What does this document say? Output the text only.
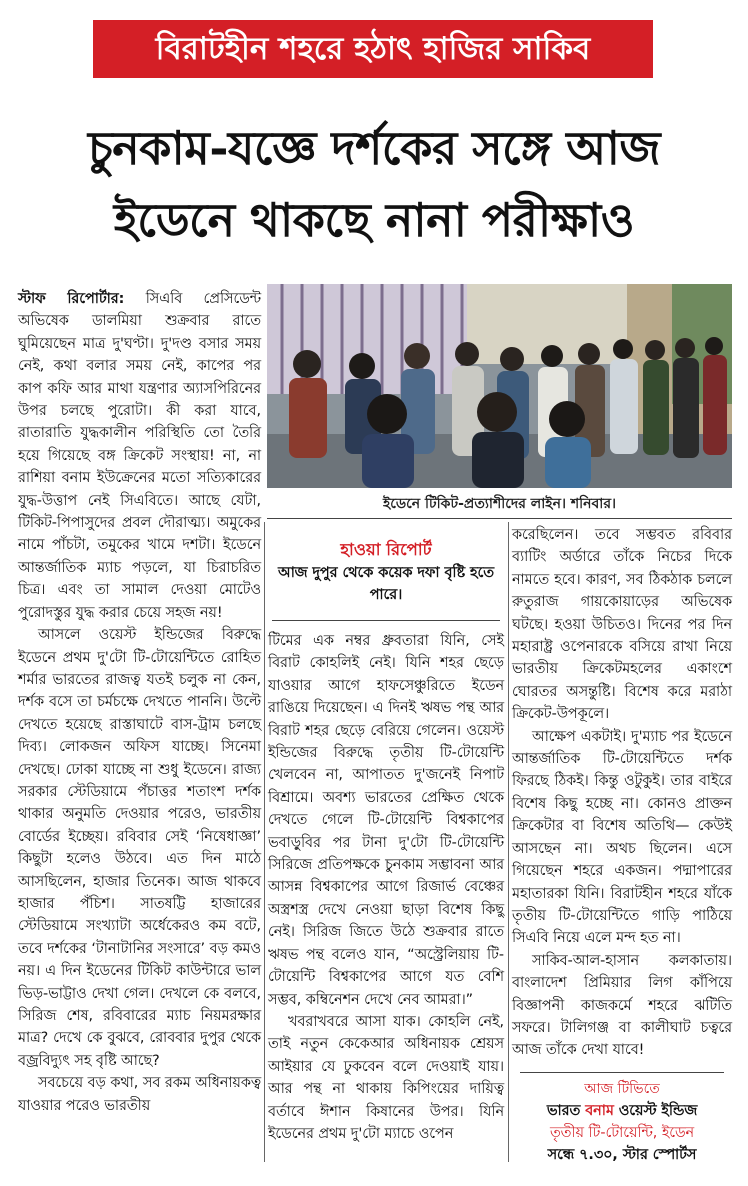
বিরাটহীন শহরে হঠাৎ হাজির সাকিব
চুনকাম-যজ্ঞে দর্শকের সঙ্গে আজ
ইডেনে থাকছে নানা পরীক্ষাও

স্টাফ রিপোর্টার: সিএবি প্রেসিডেন্ট অভিষেক ডালমিয়া শুক্রবার রাতে ঘুমিয়েছেন মাত্র দু'ঘণ্টা। দু'দণ্ড বসার সময় নেই, কথা বলার সময় নেই, কাপের পর কাপ কফি আর মাথা যন্ত্রণার অ্যাসপিরিনের উপর চলছে পুরোটা। কী করা যাবে, রাতারাতি যুদ্ধকালীন পরিস্থিতি তো তৈরি হয়ে গিয়েছে বঙ্গ ক্রিকেট সংস্থায়! না, না রাশিয়া বনাম ইউক্রেনের মতো সত্যিকারের যুদ্ধ-উত্তাপ নেই সিএবিতে। আছে যেটা, টিকিট-পিপাসুদের প্রবল দৌরাত্ম্য। অমুকের নামে পাঁচটা, তমুকের খামে দশটা। ইডেনে আন্তর্জাতিক ম্যাচ পড়লে, যা চিরাচরিত চিত্র। এবং তা সামাল দেওয়া মোটেও পুরোদস্তুর যুদ্ধ করার চেয়ে সহজ নয়!

আসলে ওয়েস্ট ইন্ডিজের বিরুদ্ধে ইডেনে প্রথম দু'টো টি-টোয়েন্টিতে রোহিত শর্মার ভারতের রাজত্ব যতই চলুক না কেন, দর্শক বসে তা চর্মচক্ষে দেখতে পাননি। উল্টে দেখতে হয়েছে রাস্তাঘাটে বাস-ট্রাম চলছে দিব্য। লোকজন অফিস যাচ্ছে। সিনেমা দেখছে। ঢোকা যাচ্ছে না শুধু ইডেনে। রাজ্য সরকার স্টেডিয়ামে পঁচাত্তর শতাংশ দর্শক থাকার অনুমতি দেওয়ার পরেও, ভারতীয় বোর্ডের ইচ্ছেয়। রবিবার সেই ‘নিষেধাজ্ঞা’ কিছুটা হলেও উঠবে। এত দিন মাঠে আসছিলেন, হাজার তিনেক। আজ থাকবে হাজার পঁচিশ। সাতষট্টি হাজারের স্টেডিয়ামে সংখ্যাটা অর্ধেকেরও কম বটে, তবে দর্শকের ‘টানাটানির সংসারে’ বড় কমও নয়। এ দিন ইডেনের টিকিট কাউন্টারে ভাল ভিড়-ভাট্টাও দেখা গেল। দেখলে কে বলবে, সিরিজ শেষ, রবিবারের ম্যাচ নিয়মরক্ষার মাত্র? দেখে কে বুঝবে, রোববার দুপুর থেকে বজ্রবিদ্যুৎ সহ বৃষ্টি আছে?

সবচেয়ে বড় কথা, সব রকম অধিনায়কত্ব যাওয়ার পরেও ভারতীয়

ইডেনে টিকিট-প্রত্যাশীদের লাইন। শনিবার।
হাওয়া রিপোর্ট
আজ দুপুর থেকে কয়েক দফা বৃষ্টি হতে পারে।

টিমের এক নম্বর ধ্রুবতারা যিনি, সেই বিরাট কোহলিই নেই। যিনি শহর ছেড়ে যাওয়ার আগে হাফসেঞ্চুরিতে ইডেন রাঙিয়ে দিয়েছেন। এ দিনই ঋষভ পন্থ আর বিরাট শহর ছেড়ে বেরিয়ে গেলেন। ওয়েস্ট ইন্ডিজের বিরুদ্ধে তৃতীয় টি-টোয়েন্টি খেলবেন না, আপাতত দু'জনেই নিপাট বিশ্রামে। অবশ্য ভারতের প্রেক্ষিত থেকে দেখতে গেলে টি-টোয়েন্টি বিশ্বকাপের ভবাড়ুবির পর টানা দু'টো টি-টোয়েন্টি সিরিজে প্রতিপক্ষকে চুনকাম সম্ভাবনা আর আসন্ন বিশ্বকাপের আগে রিজার্ভ বেঞ্চের অস্ত্রশস্ত্র দেখে নেওয়া ছাড়া বিশেষ কিছু নেই। সিরিজ জিতে উঠে শুক্রবার রাতে ঋষভ পন্থ বলেও যান, “অস্ট্রেলিয়ায় টি-টোয়েন্টি বিশ্বকাপের আগে যত বেশি সম্ভব, কম্বিনেশন দেখে নেব আমরা।”

খবরাখবরে আসা যাক। কোহলি নেই, তাই নতুন কেকেআর অধিনায়ক শ্রেয়স আইয়ার যে ঢুকবেন বলে দেওয়াই যায়। আর পন্থ না থাকায় কিপিংয়ের দায়িত্ব বর্তাবে ঈশান কিষানের উপর। যিনি ইডেনের প্রথম দু'টো ম্যাচে ওপেন

করেছিলেন। তবে সম্ভবত রবিবার ব্যাটিং অর্ডারে তাঁকে নিচের দিকে নামতে হবে। কারণ, সব ঠিকঠাক চললে রুতুরাজ গায়কোয়াড়ের অভিষেক ঘটছে। হওয়া উচিতও। দিনের পর দিন মহারাষ্ট্র ওপেনারকে বসিয়ে রাখা নিয়ে ভারতীয় ক্রিকেটমহলের একাংশে ঘোরতর অসন্তুষ্টি। বিশেষ করে মরাঠা ক্রিকেট-উপকূলে।

আক্ষেপ একটাই। দু'ম্যাচ পর ইডেনে আন্তর্জাতিক টি-টোয়েন্টিতে দর্শক ফিরছে ঠিকই। কিন্তু ওটুকুই। তার বাইরে বিশেষ কিছু হচ্ছে না। কোনও প্রাক্তন ক্রিকেটার বা বিশেষ অতিথি— কেউই আসছেন না। অথচ ছিলেন। এসে গিয়েছেন শহরে একজন। পদ্মাপারের মহাতারকা যিনি। বিরাটহীন শহরে যাঁকে তৃতীয় টি-টোয়েন্টিতে গাড়ি পাঠিয়ে সিএবি নিয়ে এলে মন্দ হত না।

সাকিব-আল-হাসান কলকাতায়। বাংলাদেশ প্রিমিয়ার লিগ কাঁপিয়ে বিজ্ঞাপনী কাজকর্মে শহরে ঝটিতি সফরে। টালিগঞ্জ বা কালীঘাট চত্বরে আজ তাঁকে দেখা যাবে!

আজ টিভিতে
ভারত বনাম ওয়েস্ট ইন্ডিজ
তৃতীয় টি-টোয়েন্টি, ইডেন
সন্ধে ৭.৩০, স্টার স্পোর্টস
